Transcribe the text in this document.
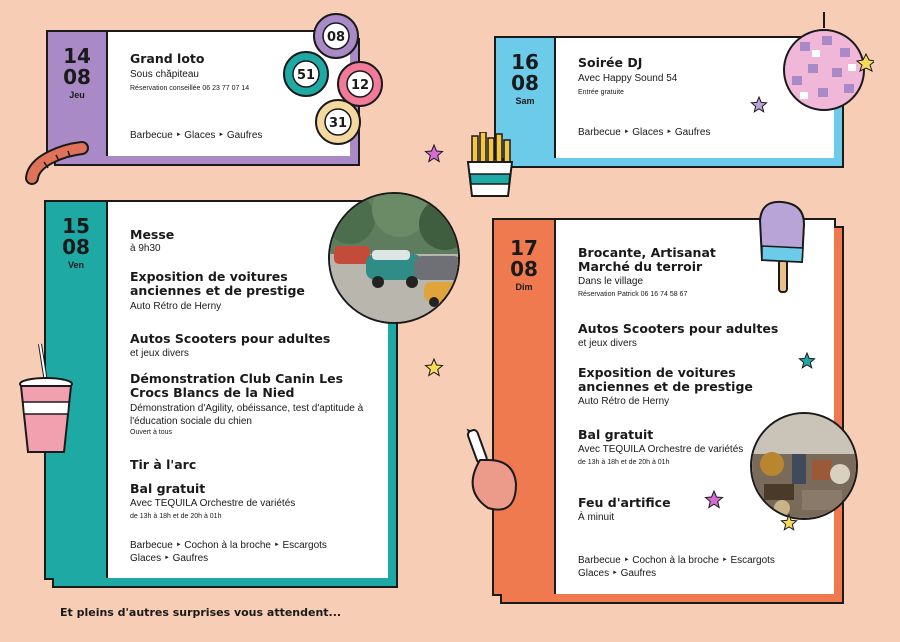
14
08
Jeu
Grand loto
Sous chăpiteau
Réservation conseillée 06 23 77 07 14
Barbecue ‣ Glaces ‣ Gaufres
08
51
12
31
16
08
Sam
Soirée DJ
Avec Happy Sound 54
Entrée gratuite
Barbecue ‣ Glaces ‣ Gaufres
15
08
Ven
Messe
à 9h30
Exposition de voitures anciennes et de prestige
Auto Rétro de Herny
Autos Scooters pour adultes
et jeux divers
Démonstration Club Canin Les Crocs Blancs de la Nied
Démonstration d'Agility, obéissance, test d'aptitude à l'éducation sociale du chien
Ouvert à tous
Tir à l'arc
Bal gratuit
Avec TEQUILA Orchestre de variétés
de 13h à 18h et de 20h à 01h
Barbecue ‣ Cochon à la broche ‣ Escargots
Glaces ‣ Gaufres
17
08
Dim
Brocante, Artisanat Marché du terroir
Dans le village
Réservation Patrick 06 16 74 58 67
Autos Scooters pour adultes
et jeux divers
Exposition de voitures anciennes et de prestige
Auto Rétro de Herny
Bal gratuit
Avec TEQUILA Orchestre de variétés
de 13h à 18h et de 20h à 01h
Feu d'artifice
À minuit
Barbecue ‣ Cochon à la broche ‣ Escargots
Glaces ‣ Gaufres
Et pleins d'autres surprises vous attendent...
